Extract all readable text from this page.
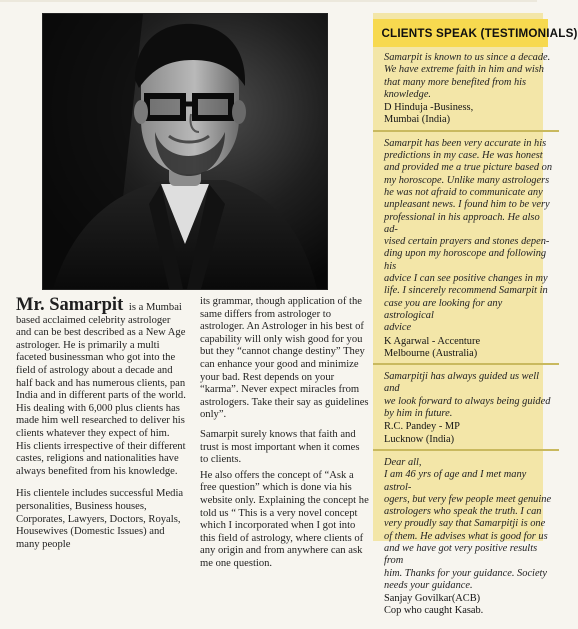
Mr. Samarpit is a Mumbai based acclaimed celebrity astrologer and can be best described as a New Age astrologer. He is primarily a multi faceted businessman who got into the field of astrology about a decade and half back and has numerous clients, pan India and in different parts of the world. His dealing with 6,000 plus clients has made him well researched to deliver his clients whatever they expect of him. His clients irrespective of their different castes, religions and nationalities have always benefited from his knowledge.

His clientele includes successful Media personalities, Business houses, Corporates, Lawyers, Doctors, Royals, Housewives (Domestic Issues) and many people

its grammar, though application of the same differs from astrologer to astrologer. An Astrologer in his best of capability will only wish good for you but they “cannot change destiny” They can enhance your good and minimize your bad. Rest depends on your “karma”. Never expect miracles from astrologers. Take their say as guidelines only”.

Samarpit surely knows that faith and trust is most important when it comes to clients.

He also offers the concept of “Ask a free question” which is done via his website only. Explaining the concept he told us “ This is a very novel concept which I incorporated when I got into this field of astrology, where clients of any origin and from anywhere can ask me one question.

CLIENTS SPEAK (TESTIMONIALS)

Samarpit is known to us since a decade.
We have extreme faith in him and wish
that many more benefited from his
knowledge.

D Hinduja -Business,
Mumbai (India)

Samarpit has been very accurate in his
predictions in my case. He was honest
and provided me a true picture based on
my horoscope. Unlike many astrologers
he was not afraid to communicate any
unpleasant news. I found him to be very
professional in his approach. He also ad-
vised certain prayers and stones depen-
ding upon my horoscope and following his
advice I can see positive changes in my
life. I sincerely recommend Samarpit in
case you are looking for any astrological
advice

K Agarwal - Accenture
Melbourne (Australia)

Samarpitji has always guided us well and
we look forward to always being guided
by him in future.

R.C. Pandey - MP
Lucknow (India)

Dear all,
I am 46 yrs of age and I met many astrol-
ogers, but very few people meet genuine
astrologers who speak the truth. I can
very proudly say that Samarpitji is one
of them. He advises what is good for us
and we have got very positive results from
him. Thanks for your guidance. Society
needs your guidance.

Sanjay Govilkar(ACB)
Cop who caught Kasab.
